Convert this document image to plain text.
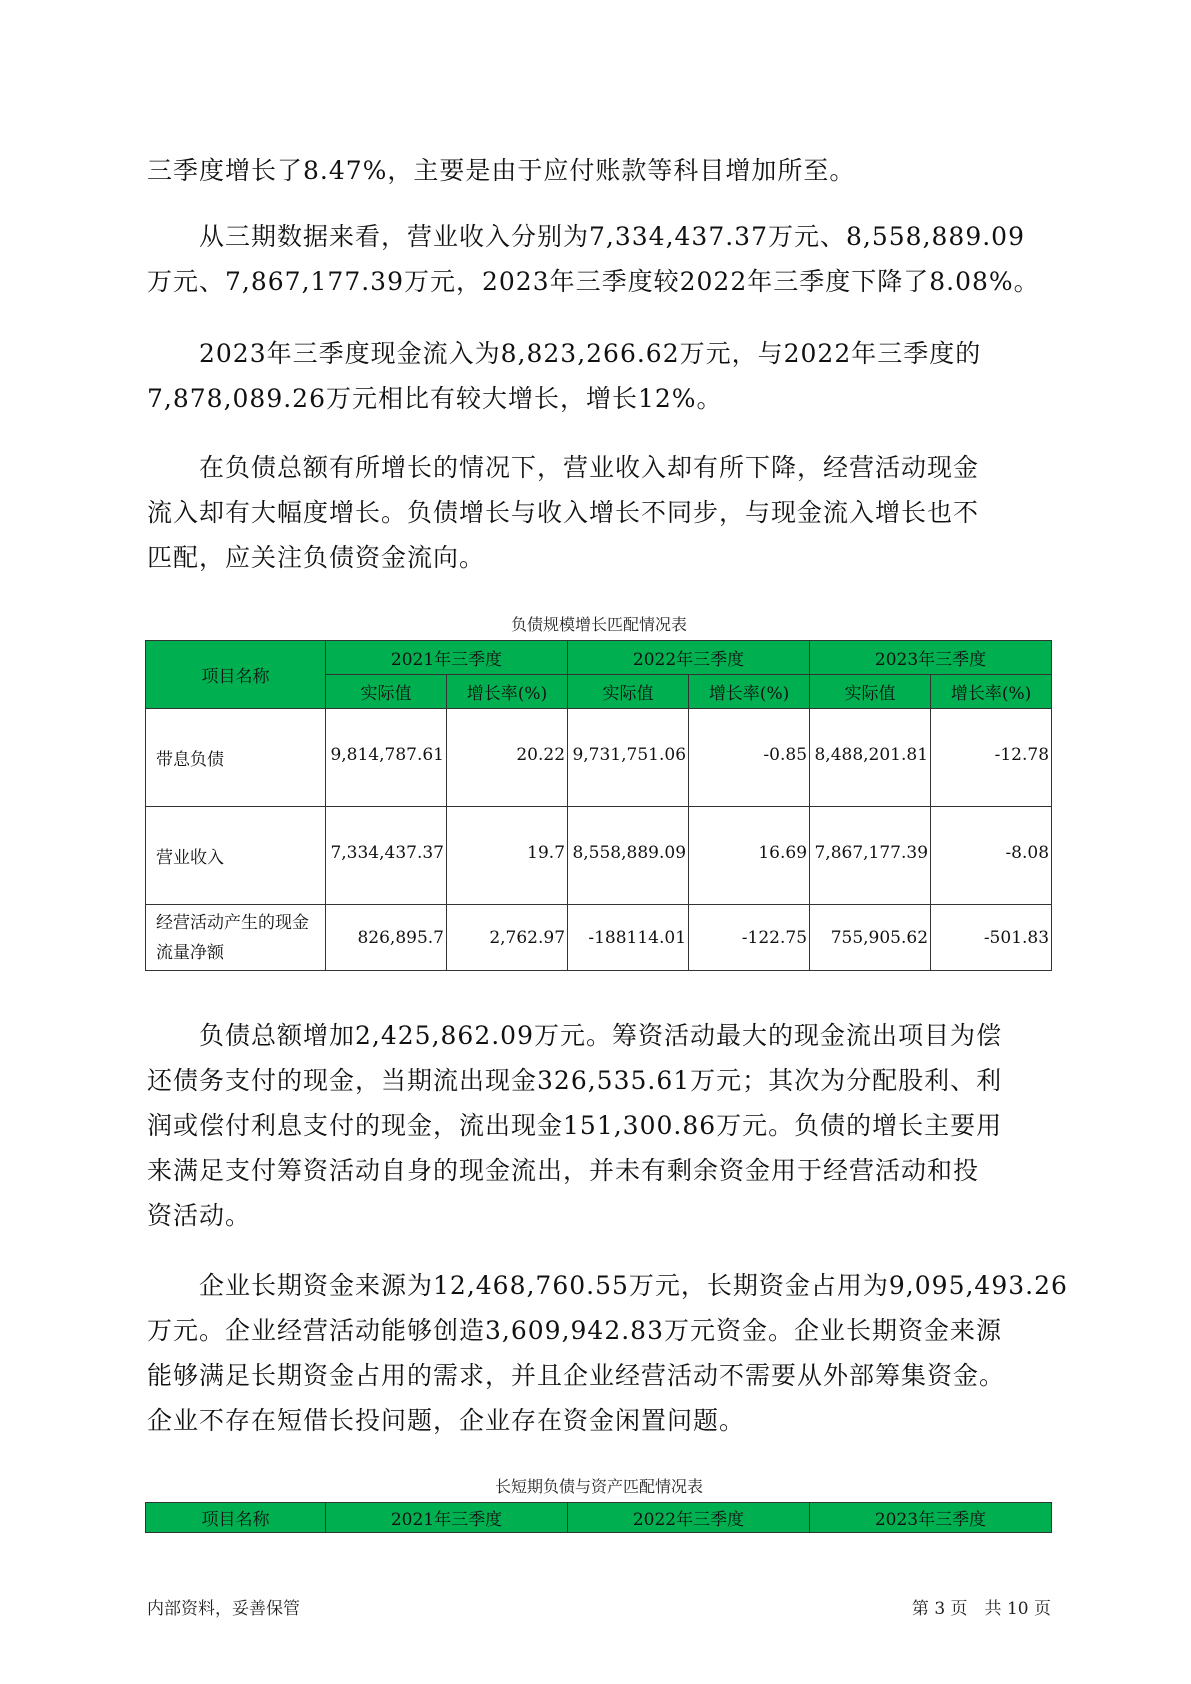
三季度增长了8.47%，主要是由于应付账款等科目增加所至。
　　从三期数据来看，营业收入分别为7,334,437.37万元、8,558,889.09
万元、7,867,177.39万元，2023年三季度较2022年三季度下降了8.08%。
　　2023年三季度现金流入为8,823,266.62万元，与2022年三季度的
7,878,089.26万元相比有较大增长，增长12%。
　　在负债总额有所增长的情况下，营业收入却有所下降，经营活动现金
流入却有大幅度增长。负债增长与收入增长不同步，与现金流入增长也不
匹配，应关注负债资金流向。
负债规模增长匹配情况表
项目名称	2021年三季度		2022年三季度		2023年三季度	
	实际值	增长率(%)	实际值	增长率(%)	实际值	增长率(%)
带息负债	9,814,787.61	20.22	9,731,751.06	-0.85	8,488,201.81	-12.78
营业收入	7,334,437.37	19.7	8,558,889.09	16.69	7,867,177.39	-8.08
经营活动产生的现金流量净额	826,895.7	2,762.97	-188114.01	-122.75	755,905.62	-501.83
　　负债总额增加2,425,862.09万元。筹资活动最大的现金流出项目为偿
还债务支付的现金，当期流出现金326,535.61万元；其次为分配股利、利
润或偿付利息支付的现金，流出现金151,300.86万元。负债的增长主要用
来满足支付筹资活动自身的现金流出，并未有剩余资金用于经营活动和投
资活动。
　　企业长期资金来源为12,468,760.55万元，长期资金占用为9,095,493.26
万元。企业经营活动能够创造3,609,942.83万元资金。企业长期资金来源
能够满足长期资金占用的需求，并且企业经营活动不需要从外部筹集资金。
企业不存在短借长投问题，企业存在资金闲置问题。
长短期负债与资产匹配情况表
项目名称	2021年三季度	2022年三季度	2023年三季度
内部资料，妥善保管	第 3 页　共 10 页
